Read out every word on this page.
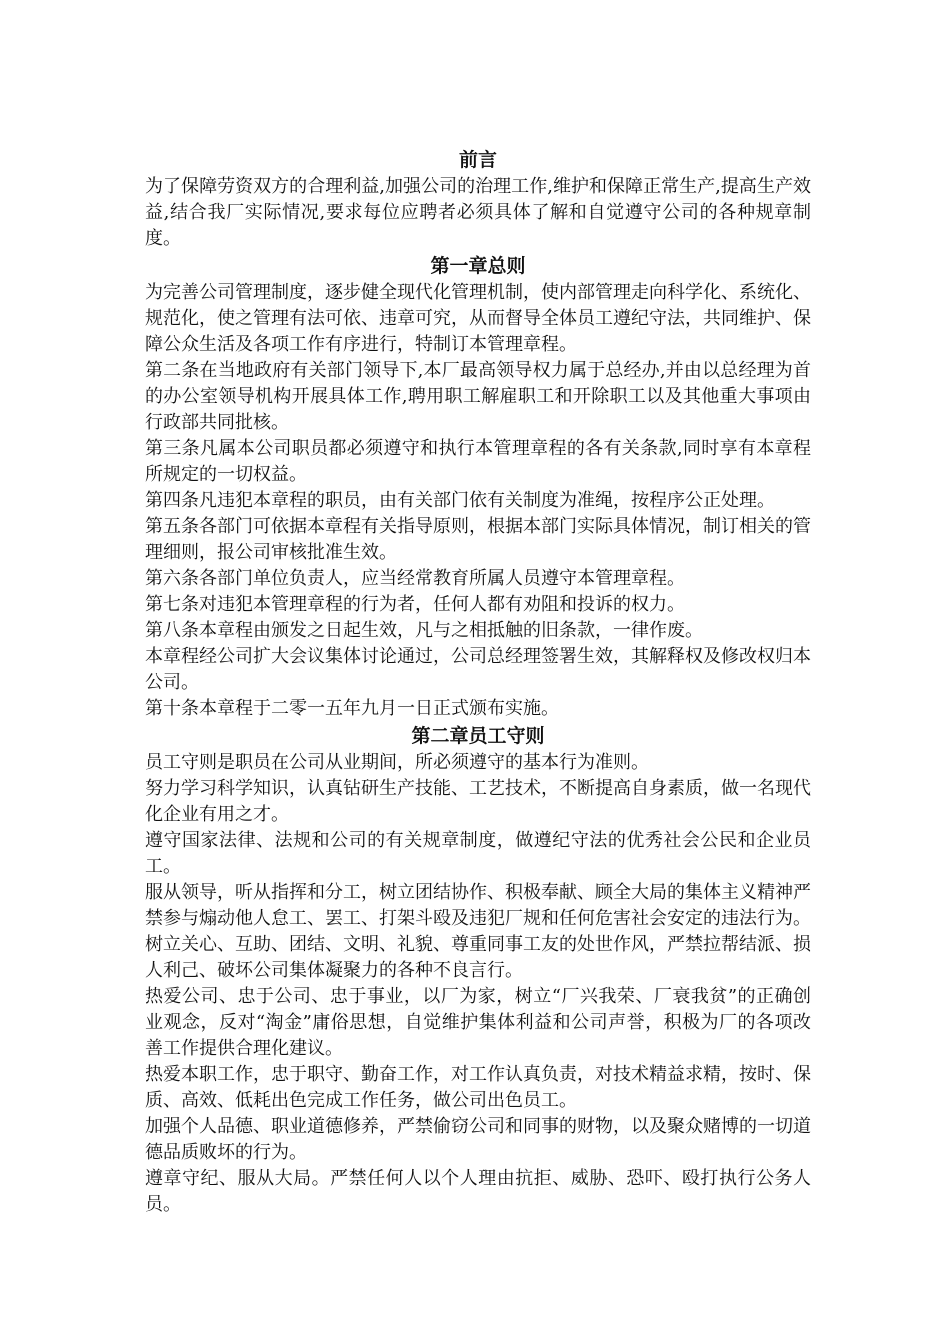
前言

为了保障劳资双方的合理利益,加强公司的治理工作,维护和保障正常生产,提高生产效益,结合我厂实际情况,要求每位应聘者必须具体了解和自觉遵守公司的各种规章制度。

第一章总则

为完善公司管理制度，逐步健全现代化管理机制，使内部管理走向科学化、系统化、规范化，使之管理有法可依、违章可究，从而督导全体员工遵纪守法，共同维护、保障公众生活及各项工作有序进行，特制订本管理章程。

第二条在当地政府有关部门领导下,本厂最高领导权力属于总经办,并由以总经理为首的办公室领导机构开展具体工作,聘用职工解雇职工和开除职工以及其他重大事项由行政部共同批核。

第三条凡属本公司职员都必须遵守和执行本管理章程的各有关条款,同时享有本章程所规定的一切权益。

第四条凡违犯本章程的职员，由有关部门依有关制度为准绳，按程序公正处理。

第五条各部门可依据本章程有关指导原则，根据本部门实际具体情况，制订相关的管理细则，报公司审核批准生效。

第六条各部门单位负责人，应当经常教育所属人员遵守本管理章程。

第七条对违犯本管理章程的行为者，任何人都有劝阻和投诉的权力。

第八条本章程由颁发之日起生效，凡与之相抵触的旧条款，一律作废。

本章程经公司扩大会议集体讨论通过，公司总经理签署生效，其解释权及修改权归本公司。

第十条本章程于二零一五年九月一日正式颁布实施。

第二章员工守则

员工守则是职员在公司从业期间，所必须遵守的基本行为准则。

努力学习科学知识，认真钻研生产技能、工艺技术，不断提高自身素质，做一名现代化企业有用之才。

遵守国家法律、法规和公司的有关规章制度，做遵纪守法的优秀社会公民和企业员工。

服从领导，听从指挥和分工，树立团结协作、积极奉献、顾全大局的集体主义精神严禁参与煽动他人怠工、罢工、打架斗殴及违犯厂规和任何危害社会安定的违法行为。

树立关心、互助、团结、文明、礼貌、尊重同事工友的处世作风，严禁拉帮结派、损人利己、破坏公司集体凝聚力的各种不良言行。

热爱公司、忠于公司、忠于事业，以厂为家，树立“厂兴我荣、厂衰我贫”的正确创业观念，反对“淘金”庸俗思想，自觉维护集体利益和公司声誉，积极为厂的各项改善工作提供合理化建议。

热爱本职工作，忠于职守、勤奋工作，对工作认真负责，对技术精益求精，按时、保质、高效、低耗出色完成工作任务，做公司出色员工。

加强个人品德、职业道德修养，严禁偷窃公司和同事的财物，以及聚众赌博的一切道德品质败坏的行为。

遵章守纪、服从大局。严禁任何人以个人理由抗拒、威胁、恐吓、殴打执行公务人员。
